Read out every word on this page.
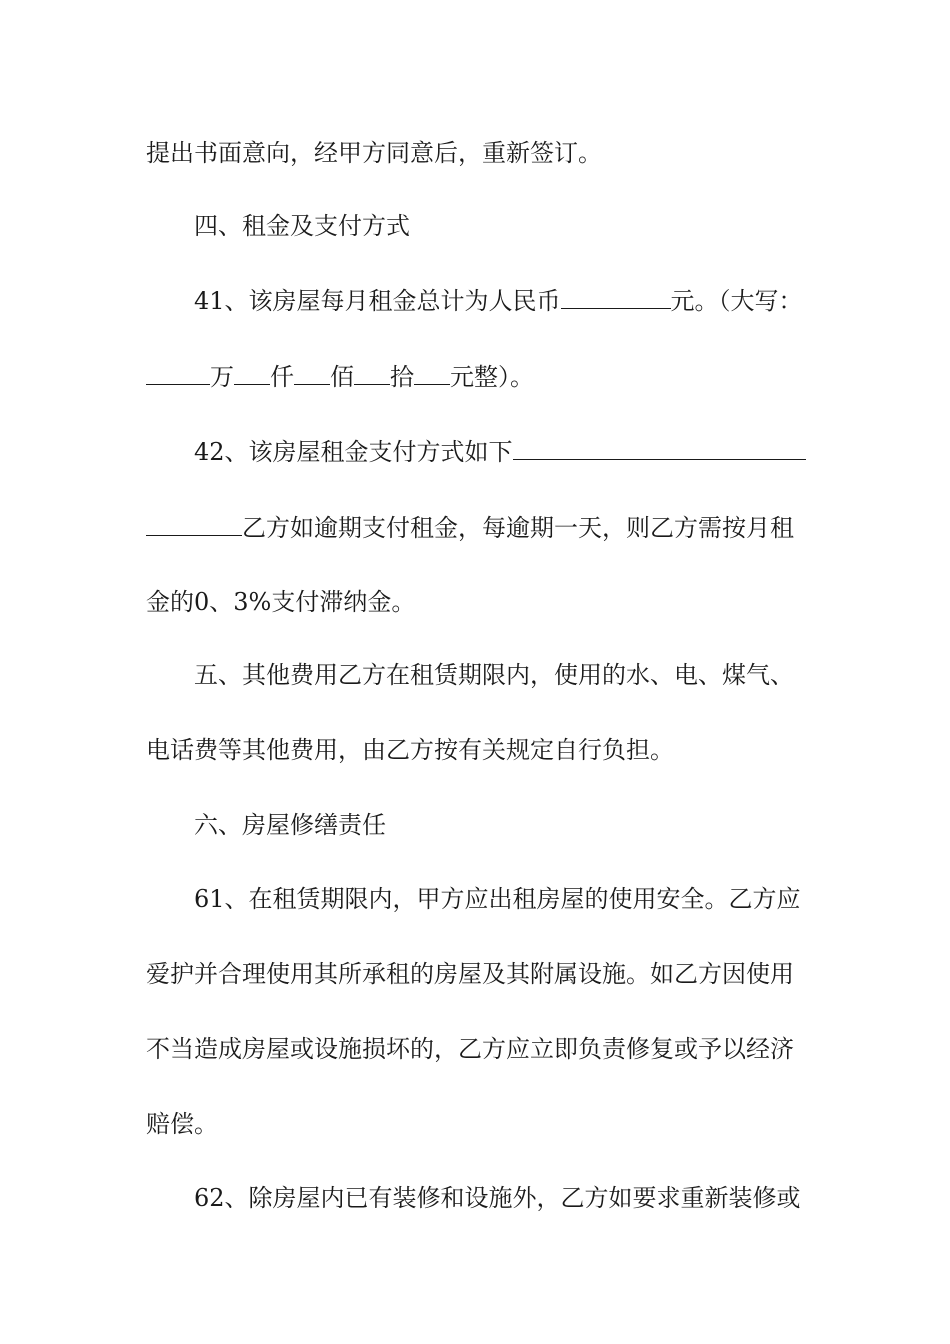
提出书面意向，经甲方同意后，重新签订。
四、租金及支付方式
41、该房屋每月租金总计为人民币	元。（大写：
万 仟 佰 拾 元整）。
42、该房屋租金支付方式如下
乙方如逾期支付租金，每逾期一天，则乙方需按月租
金的0、3%支付滞纳金。
五、其他费用乙方在租赁期限内，使用的水、电、煤气、
电话费等其他费用，由乙方按有关规定自行负担。
六、房屋修缮责任
61、在租赁期限内，甲方应出租房屋的使用安全。乙方应
爱护并合理使用其所承租的房屋及其附属设施。如乙方因使用
不当造成房屋或设施损坏的，乙方应立即负责修复或予以经济
赔偿。
62、除房屋内已有装修和设施外，乙方如要求重新装修或
